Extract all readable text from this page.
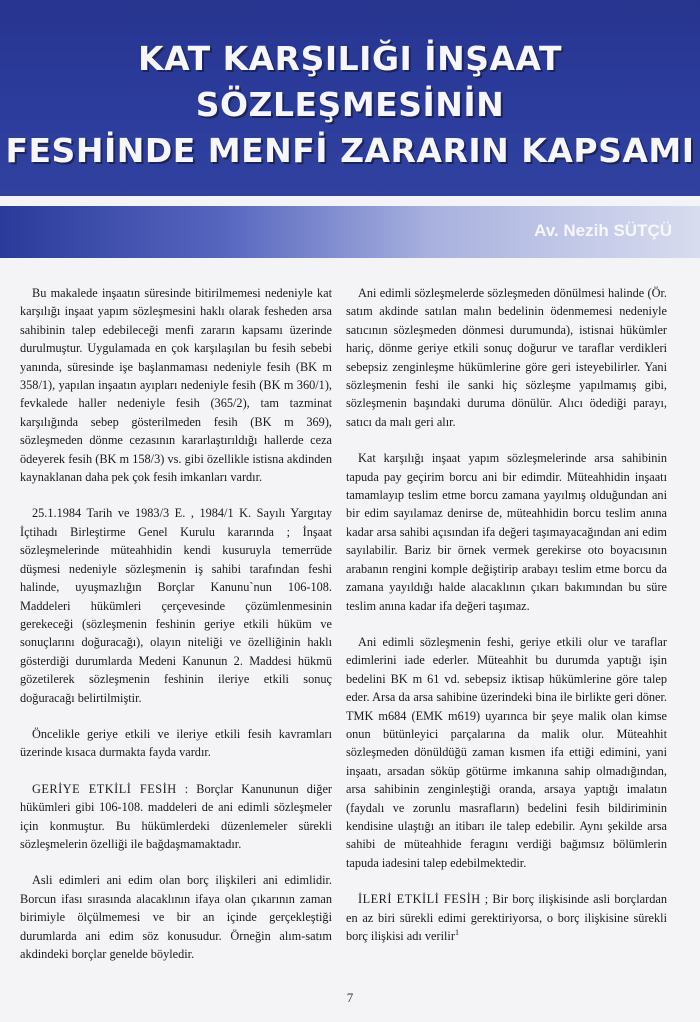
KAT KARŞILIĞI İNŞAAT SÖZLEŞMESİNİN
FESHİNDE MENFİ ZARARIN KAPSAMI
Av. Nezih SÜTÇÜ

Bu makalede inşaatın süresinde bitirilmemesi nedeniyle kat karşılığı inşaat yapım sözleşmesini haklı olarak fesheden arsa sahibinin talep edebileceği menfi zararın kapsamı üzerinde durulmuştur. Uygulamada en çok karşılaşılan bu fesih sebebi yanında, süresinde işe başlanmaması nedeniyle fesih (BK m 358/1), yapılan inşaatın ayıpları nedeniyle fesih (BK m 360/1), fevkalede haller nedeniyle fesih (365/2), tam tazminat karşılığında sebep gösterilmeden fesih (BK m 369), sözleşmeden dönme cezasının kararlaştırıldığı hallerde ceza ödeyerek fesih (BK m 158/3) vs. gibi özellikle istisna akdinden kaynaklanan daha pek çok fesih imkanları vardır.

25.1.1984 Tarih ve 1983/3 E. , 1984/1 K. Sayılı Yargıtay İçtihadı Birleştirme Genel Kurulu kararında ; İnşaat sözleşmelerinde müteahhidin kendi kusuruyla temerrüde düşmesi nedeniyle sözleşmenin iş sahibi tarafından feshi halinde, uyuşmazlığın Borçlar Kanunu`nun 106-108. Maddeleri hükümleri çerçevesinde çözümlenmesinin gerekeceği (sözleşmenin feshinin geriye etkili hüküm ve sonuçlarını doğuracağı), olayın niteliği ve özelliğinin haklı gösterdiği durumlarda Medeni Kanunun 2. Maddesi hükmü gözetilerek sözleşmenin feshinin ileriye etkili sonuç doğuracağı belirtilmiştir.

Öncelikle geriye etkili ve ileriye etkili fesih kavramları üzerinde kısaca durmakta fayda vardır.

GERİYE ETKİLİ FESİH : Borçlar Kanununun diğer hükümleri gibi 106-108. maddeleri de ani edimli sözleşmeler için konmuştur. Bu hükümlerdeki düzenlemeler sürekli sözleşmelerin özelliği ile bağdaşmamaktadır.

Asli edimleri ani edim olan borç ilişkileri ani edimlidir. Borcun ifası sırasında alacaklının ifaya olan çıkarının zaman birimiyle ölçülmemesi ve bir an içinde gerçekleştiği durumlarda ani edim söz konusudur. Örneğin alım-satım akdindeki borçlar genelde böyledir.

Ani edimli sözleşmelerde sözleşmeden dönülmesi halinde (Ör. satım akdinde satılan malın bedelinin ödenmemesi nedeniyle satıcının sözleşmeden dönmesi durumunda), istisnai hükümler hariç, dönme geriye etkili sonuç doğurur ve taraflar verdikleri sebepsiz zenginleşme hükümlerine göre geri isteyebilirler. Yani sözleşmenin feshi ile sanki hiç sözleşme yapılmamış gibi, sözleşmenin başındaki duruma dönülür. Alıcı ödediği parayı, satıcı da malı geri alır.

Kat karşılığı inşaat yapım sözleşmelerinde arsa sahibinin tapuda pay geçirim borcu ani bir edimdir. Müteahhidin inşaatı tamamlayıp teslim etme borcu zamana yayılmış olduğundan ani bir edim sayılamaz denirse de, müteahhidin borcu teslim anına kadar arsa sahibi açısından ifa değeri taşımayacağından ani edim sayılabilir. Bariz bir örnek vermek gerekirse oto boyacısının arabanın rengini komple değiştirip arabayı teslim etme borcu da zamana yayıldığı halde alacaklının çıkarı bakımından bu süre teslim anına kadar ifa değeri taşımaz.

Ani edimli sözleşmenin feshi, geriye etkili olur ve taraflar edimlerini iade ederler. Müteahhit bu durumda yaptığı işin bedelini BK m 61 vd. sebepsiz iktisap hükümlerine göre talep eder. Arsa da arsa sahibine üzerindeki bina ile birlikte geri döner. TMK m684 (EMK m619) uyarınca bir şeye malik olan kimse onun bütünleyici parçalarına da malik olur. Müteahhit sözleşmeden dönüldüğü zaman kısmen ifa ettiği edimini, yani inşaatı, arsadan söküp götürme imkanına sahip olmadığından, arsa sahibinin zenginleştiği oranda, arsaya yaptığı imalatın (faydalı ve zorunlu masrafların) bedelini fesih bildiriminin kendisine ulaştığı an itibarı ile talep edebilir. Aynı şekilde arsa sahibi de müteahhide feragını verdiği bağımsız bölümlerin tapuda iadesini talep edebilmektedir.

İLERİ ETKİLİ FESİH ; Bir borç ilişkisinde asli borçlardan en az biri sürekli edimi gerektiriyorsa, o borç ilişkisine sürekli borç ilişkisi adı verilir$^1$

7
